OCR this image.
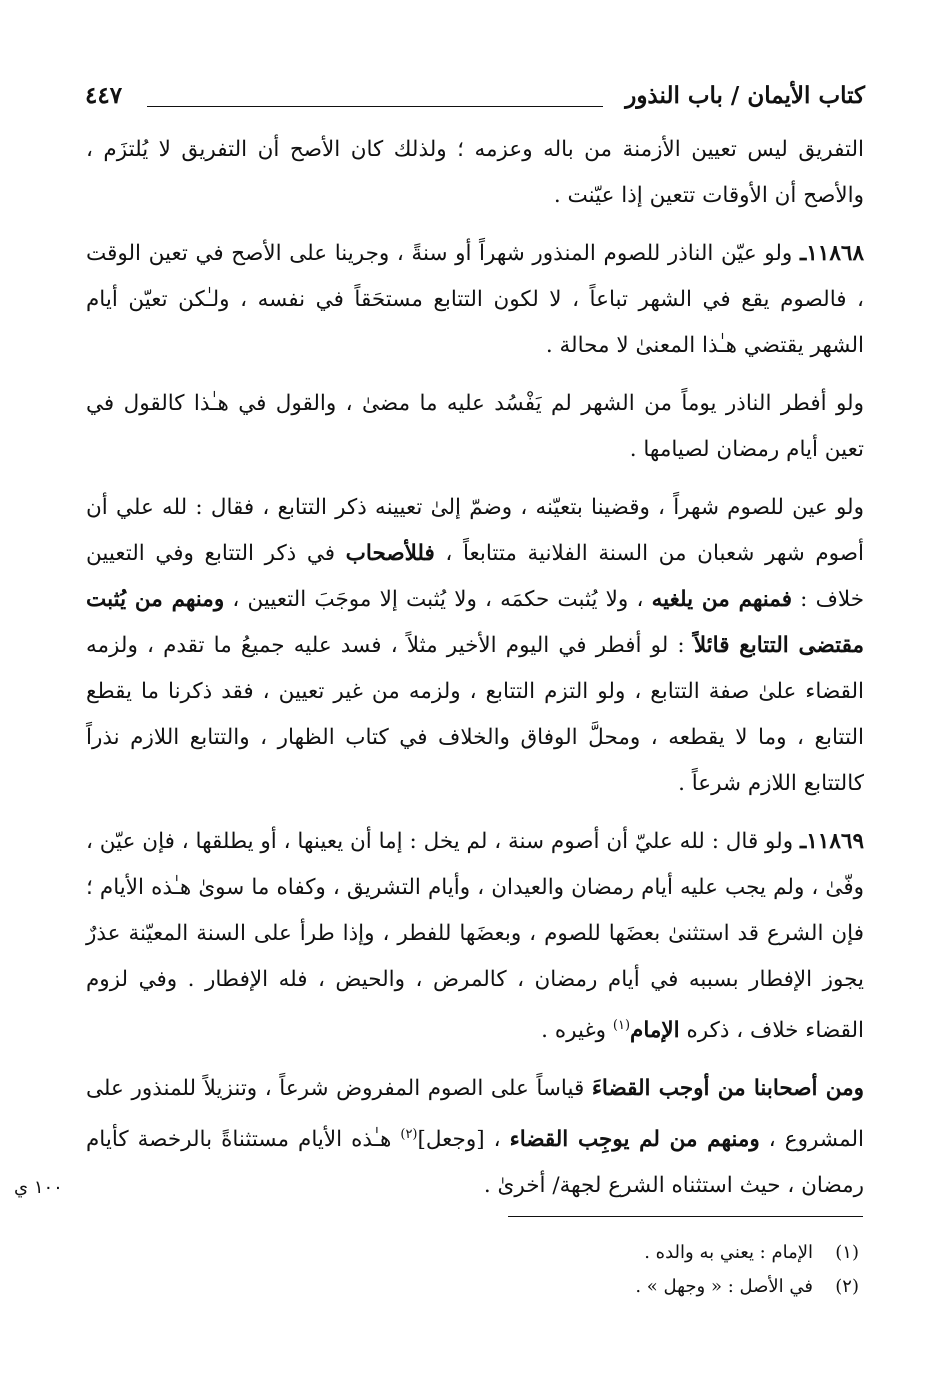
كتاب الأيمان / باب النذور
٤٤٧

التفريق ليس تعيين الأزمنة من باله وعزمه ؛ ولذلك كان الأصح أن التفريق لا يُلتزَم ، والأصح أن الأوقات تتعين إذا عيّنت .

١١٨٦٨ـ ولو عيّن الناذر للصوم المنذور شهراً أو سنةً ، وجرينا على الأصح في تعين الوقت ، فالصوم يقع في الشهر تباعاً ، لا لكون التتابع مستحَقاً في نفسه ، ولـٰكن تعيّن أيام الشهر يقتضي هـٰذا المعنىٰ لا محالة .

ولو أفطر الناذر يوماً من الشهر لم يَفْسُد عليه ما مضىٰ ، والقول في هـٰذا كالقول في تعين أيام رمضان لصيامها .

ولو عين للصوم شهراً ، وقضينا بتعيّنه ، وضمّ إلىٰ تعيينه ذكر التتابع ، فقال : لله علي أن أصوم شهر شعبان من السنة الفلانية متتابعاً ، فللأصحاب في ذكر التتابع وفي التعيين خلاف : فمنهم من يلغيه ، ولا يُثبت حكمَه ، ولا يُثبت إلا موجَبَ التعيين ، ومنهم من يُثبت مقتضى التتابع قائلاً : لو أفطر في اليوم الأخير مثلاً ، فسد عليه جميعُ ما تقدم ، ولزمه القضاء علىٰ صفة التتابع ، ولو التزم التتابع ، ولزمه من غير تعيين ، فقد ذكرنا ما يقطع التتابع ، وما لا يقطعه ، ومحلَّ الوفاق والخلاف في كتاب الظهار ، والتتابع اللازم نذراً كالتتابع اللازم شرعاً .

١١٨٦٩ـ ولو قال : لله عليّ أن أصوم سنة ، لم يخل : إما أن يعينها ، أو يطلقها ، فإن عيّن ، وفّىٰ ، ولم يجب عليه أيام رمضان والعيدان ، وأيام التشريق ، وكفاه ما سوىٰ هـٰذه الأيام ؛ فإن الشرع قد استثنىٰ بعضَها للصوم ، وبعضَها للفطر ، وإذا طرأ على السنة المعيّنة عذرٌ يجوز الإفطار بسببه في أيام رمضان ، كالمرض ، والحيض ، فله الإفطار . وفي لزوم القضاء خلاف ، ذكره الإمام$^{(١)}$ وغيره .

ومن أصحابنا من أوجب القضاءَ قياساً على الصوم المفروض شرعاً ، وتنزيلاً للمنذور على المشروع ، ومنهم من لم يوجِب القضاء ، [وجعل]$^{(٢)}$ هـٰذه الأيام مستثناةً بالرخصة كأيام رمضان ، حيث استثناه الشرع لجهة/ أخرىٰ .

١٠٠ ي

(١)الإمام : يعني به والده .

(٢)في الأصل : « وجهل » .
